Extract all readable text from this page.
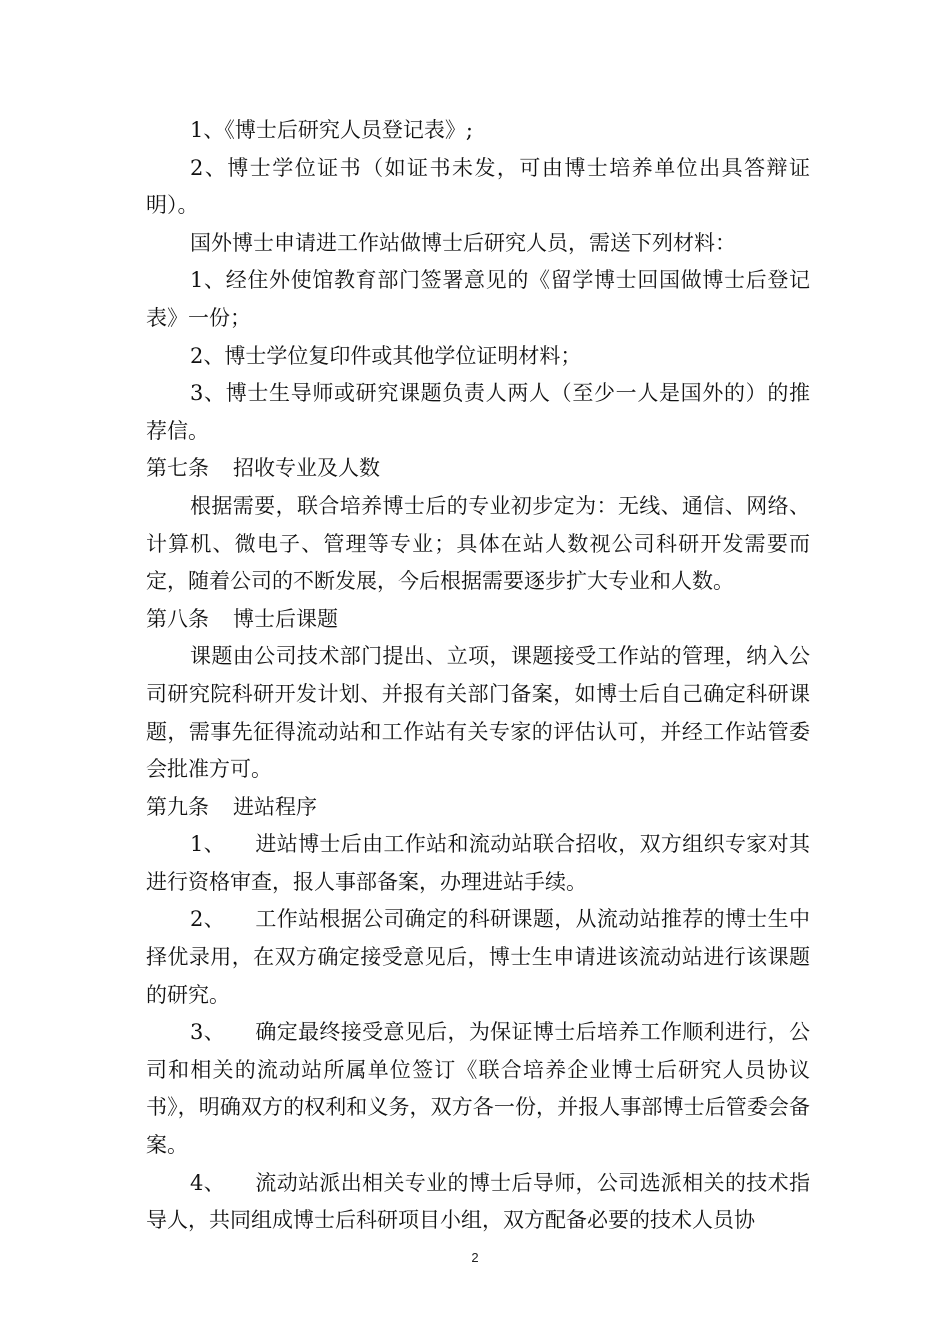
1、《博士后研究人员登记表》;

2、博士学位证书（如证书未发，可由博士培养单位出具答辩证明）。

国外博士申请进工作站做博士后研究人员，需送下列材料：

1、经住外使馆教育部门签署意见的《留学博士回国做博士后登记表》一份；

2、博士学位复印件或其他学位证明材料；

3、博士生导师或研究课题负责人两人（至少一人是国外的）的推荐信。

第七条 招收专业及人数

根据需要，联合培养博士后的专业初步定为：无线、通信、网络、计算机、微电子、管理等专业；具体在站人数视公司科研开发需要而定，随着公司的不断发展，今后根据需要逐步扩大专业和人数。

第八条 博士后课题

课题由公司技术部门提出、立项，课题接受工作站的管理，纳入公司研究院科研开发计划、并报有关部门备案，如博士后自己确定科研课题，需事先征得流动站和工作站有关专家的评估认可，并经工作站管委会批准方可。

第九条 进站程序

1、 进站博士后由工作站和流动站联合招收，双方组织专家对其进行资格审查，报人事部备案，办理进站手续。

2、 工作站根据公司确定的科研课题，从流动站推荐的博士生中择优录用，在双方确定接受意见后，博士生申请进该流动站进行该课题的研究。

3、 确定最终接受意见后，为保证博士后培养工作顺利进行，公司和相关的流动站所属单位签订《联合培养企业博士后研究人员协议书》，明确双方的权利和义务，双方各一份，并报人事部博士后管委会备案。

4、 流动站派出相关专业的博士后导师，公司选派相关的技术指导人，共同组成博士后科研项目小组，双方配备必要的技术人员协

2
